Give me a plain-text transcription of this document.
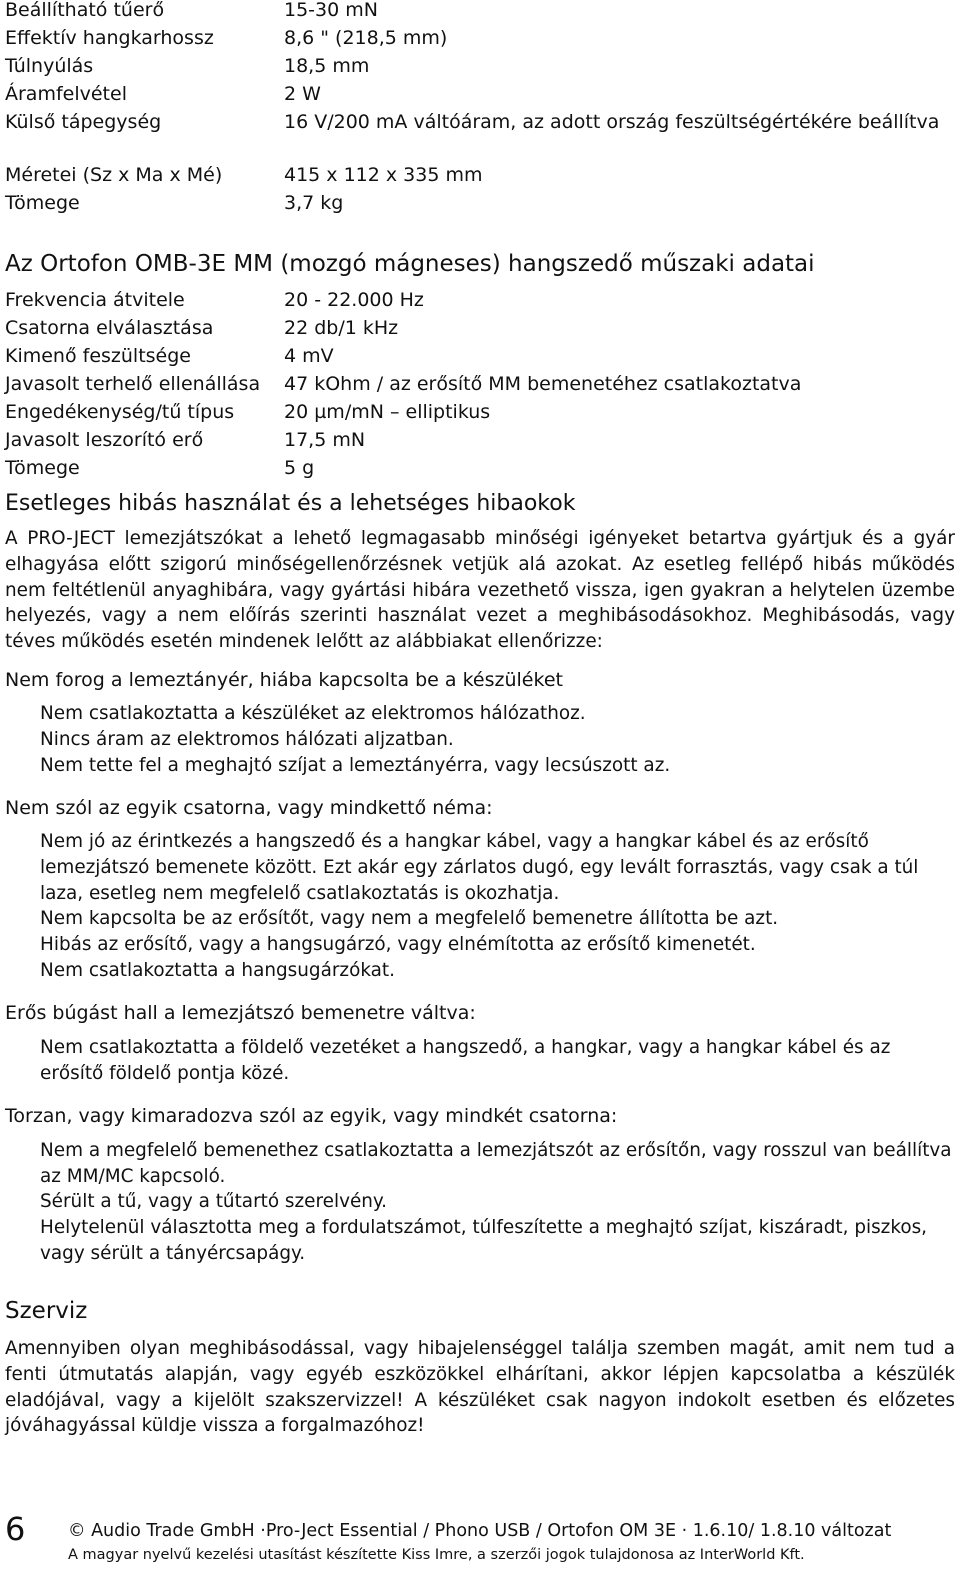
Beállítható tűerő	15-30 mN
Effektív hangkarhossz	8,6 " (218,5 mm)
Túlnyúlás	18,5 mm
Áramfelvétel	2 W
Külső tápegység	16 V/200 mA váltóáram, az adott ország feszültségértékére beállítva
Méretei (Sz x Ma x Mé)	415 x 112 x 335 mm
Tömege	3,7 kg
Az Ortofon OMB-3E MM (mozgó mágneses) hangszedő műszaki adatai
Frekvencia átvitele	20 - 22.000 Hz
Csatorna elválasztása	22 db/1 kHz
Kimenő feszültsége	4 mV
Javasolt terhelő ellenállása 47 kOhm / az erősítő MM bemenetéhez csatlakoztatva
Engedékenység/tű típus	20 µm/mN – elliptikus
Javasolt leszorító erő	17,5 mN
Tömege	5 g
Esetleges hibás használat és a lehetséges hibaokok

A PRO-JECT lemezjátszókat a lehető legmagasabb minőségi igényeket betartva gyártjuk és a gyár elhagyása előtt szigorú minőségellenőrzésnek vetjük alá azokat. Az esetleg fellépő hibás működés nem feltétlenül anyaghibára, vagy gyártási hibára vezethető vissza, igen gyakran a helytelen üzembe helyezés, vagy a nem előírás szerinti használat vezet a meghibásodásokhoz. Meghibásodás, vagy téves működés esetén mindenek lelőtt az alábbiakat ellenőrizze:

Nem forog a lemeztányér, hiába kapcsolta be a készüléket

Nem csatlakoztatta a készüléket az elektromos hálózathoz.

Nincs áram az elektromos hálózati aljzatban.

Nem tette fel a meghajtó szíjat a lemeztányérra, vagy lecsúszott az.

Nem szól az egyik csatorna, vagy mindkettő néma:

Nem jó az érintkezés a hangszedő és a hangkar kábel, vagy a hangkar kábel és az erősítő lemezjátszó bemenete között. Ezt akár egy zárlatos dugó, egy levált forrasztás, vagy csak a túl laza, esetleg nem megfelelő csatlakoztatás is okozhatja.

Nem kapcsolta be az erősítőt, vagy nem a megfelelő bemenetre állította be azt.

Hibás az erősítő, vagy a hangsugárzó, vagy elnémította az erősítő kimenetét.

Nem csatlakoztatta a hangsugárzókat.

Erős búgást hall a lemezjátszó bemenetre váltva:

Nem csatlakoztatta a földelő vezetéket a hangszedő, a hangkar, vagy a hangkar kábel és az erősítő földelő pontja közé.

Torzan, vagy kimaradozva szól az egyik, vagy mindkét csatorna:

Nem a megfelelő bemenethez csatlakoztatta a lemezjátszót az erősítőn, vagy rosszul van beállítva az MM/MC kapcsoló.

Sérült a tű, vagy a tűtartó szerelvény.

Helytelenül választotta meg a fordulatszámot, túlfeszítette a meghajtó szíjat, kiszáradt, piszkos, vagy sérült a tányércsapágy.

Szerviz

Amennyiben olyan meghibásodással, vagy hibajelenséggel találja szemben magát, amit nem tud a fenti útmutatás alapján, vagy egyéb eszközökkel elhárítani, akkor lépjen kapcsolatba a készülék eladójával, vagy a kijelölt szakszervizzel! A készüléket csak nagyon indokolt esetben és előzetes jóváhagyással küldje vissza a forgalmazóhoz!

6 © Audio Trade GmbH ·Pro-Ject Essential / Phono USB / Ortofon OM 3E · 1.6.10/ 1.8.10 változat
A magyar nyelvű kezelési utasítást készítette Kiss Imre, a szerzői jogok tulajdonosa az InterWorld Kft.
